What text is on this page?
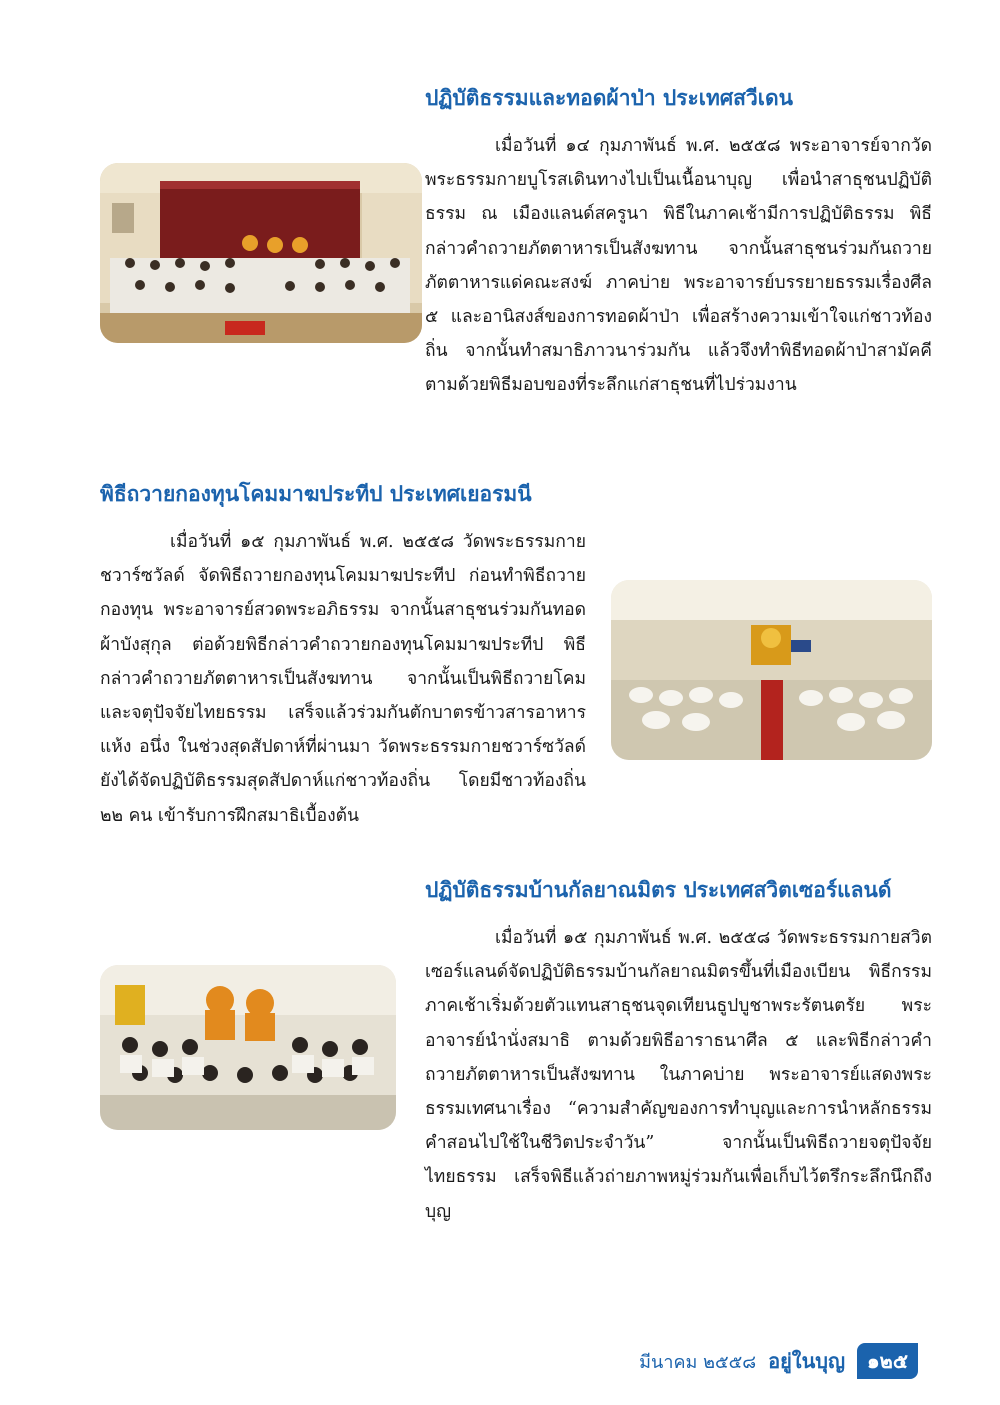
ปฏิบัติธรรมและทอดผ้าป่า ประเทศสวีเดน

เมื่อวันที่ ๑๔ กุมภาพันธ์ พ.ศ. ๒๕๕๘ พระอาจารย์จากวัดพระธรรมกายบูโรสเดินทางไปเป็นเนื้อนาบุญ เพื่อนำสาธุชนปฏิบัติธรรม ณ เมืองแลนด์สครูนา พิธีในภาคเช้ามีการปฏิบัติธรรม พิธีกล่าวคำถวายภัตตาหารเป็นสังฆทาน จากนั้นสาธุชนร่วมกันถวายภัตตาหารแด่คณะสงฆ์ ภาคบ่าย พระอาจารย์บรรยายธรรมเรื่องศีล ๕ และอานิสงส์ของการทอดผ้าป่า เพื่อสร้างความเข้าใจแก่ชาวท้องถิ่น จากนั้นทำสมาธิภาวนาร่วมกัน แล้วจึงทำพิธีทอดผ้าป่าสามัคคี ตามด้วยพิธีมอบของที่ระลึกแก่สาธุชนที่ไปร่วมงาน

พิธีถวายกองทุนโคมมาฆประทีป ประเทศเยอรมนี

เมื่อวันที่ ๑๕ กุมภาพันธ์ พ.ศ. ๒๕๕๘ วัดพระธรรมกายชวาร์ซวัลด์ จัดพิธีถวายกองทุนโคมมาฆประทีป ก่อนทำพิธีถวายกองทุน พระอาจารย์สวดพระอภิธรรม จากนั้นสาธุชนร่วมกันทอดผ้าบังสุกุล ต่อด้วยพิธีกล่าวคำถวายกองทุนโคมมาฆประทีป พิธีกล่าวคำถวายภัตตาหารเป็นสังฆทาน จากนั้นเป็นพิธีถวายโคมและจตุปัจจัยไทยธรรม เสร็จแล้วร่วมกันตักบาตรข้าวสารอาหารแห้ง อนึ่ง ในช่วงสุดสัปดาห์ที่ผ่านมา วัดพระธรรมกายชวาร์ซวัลด์ยังได้จัดปฏิบัติธรรมสุดสัปดาห์แก่ชาวท้องถิ่น โดยมีชาวท้องถิ่น ๒๒ คน เข้ารับการฝึกสมาธิเบื้องต้น

ปฏิบัติธรรมบ้านกัลยาณมิตร ประเทศสวิตเซอร์แลนด์

เมื่อวันที่ ๑๕ กุมภาพันธ์ พ.ศ. ๒๕๕๘ วัดพระธรรมกายสวิตเซอร์แลนด์จัดปฏิบัติธรรมบ้านกัลยาณมิตรขึ้นที่เมืองเบียน พิธีกรรมภาคเช้าเริ่มด้วยตัวแทนสาธุชนจุดเทียนธูปบูชาพระรัตนตรัย พระอาจารย์นำนั่งสมาธิ ตามด้วยพิธีอาราธนาศีล ๕ และพิธีกล่าวคำถวายภัตตาหารเป็นสังฆทาน ในภาคบ่าย พระอาจารย์แสดงพระธรรมเทศนาเรื่อง “ความสำคัญของการทำบุญและการนำหลักธรรมคำสอนไปใช้ในชีวิตประจำวัน” จากนั้นเป็นพิธีถวายจตุปัจจัยไทยธรรม เสร็จพิธีแล้วถ่ายภาพหมู่ร่วมกันเพื่อเก็บไว้ตรึกระลึกนึกถึงบุญ

มีนาคม ๒๕๕๘ อยู่ในบุญ	๑๒๕
